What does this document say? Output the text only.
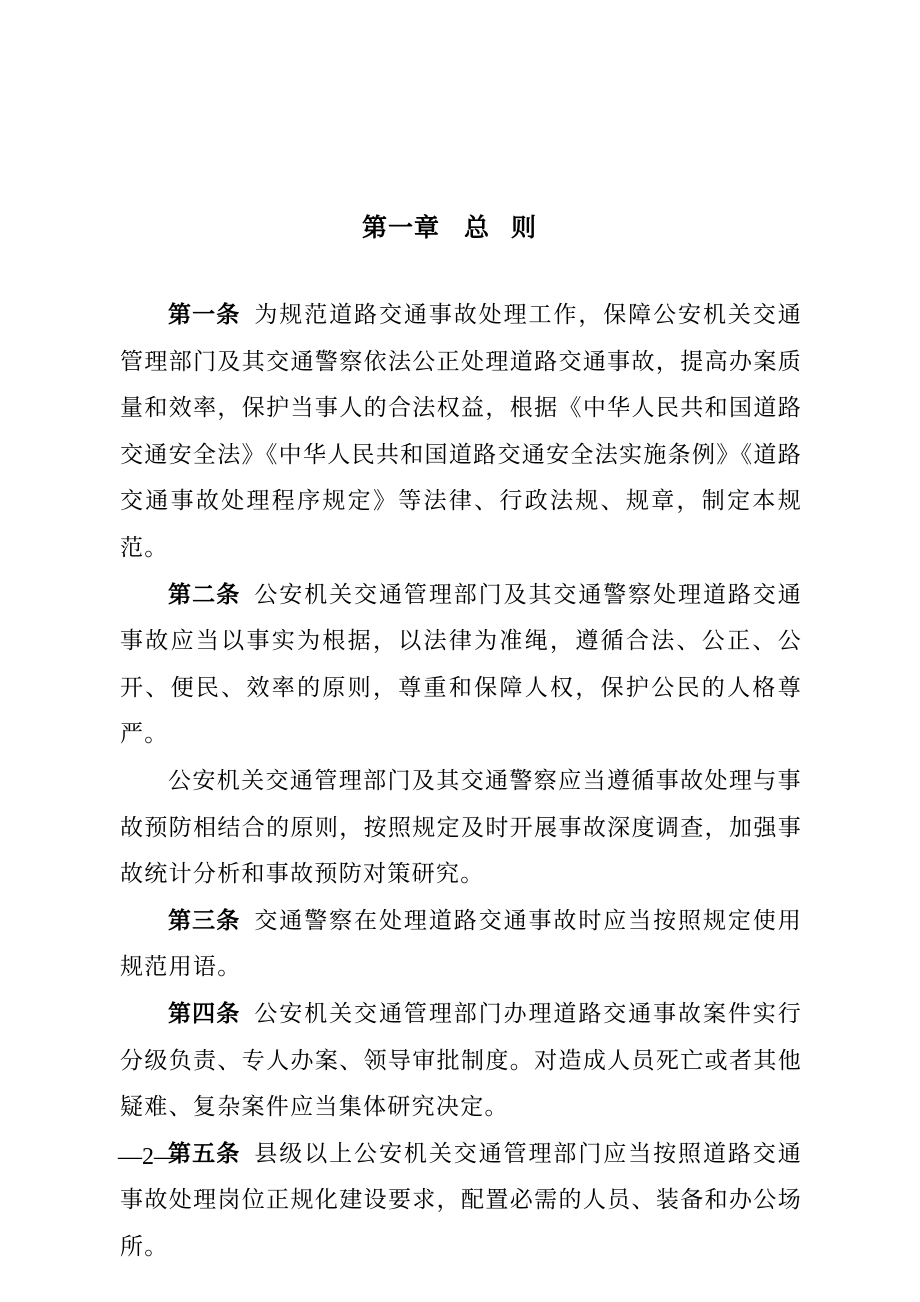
第一章 总则

第一条 为规范道路交通事故处理工作，保障公安机关交通管理部门及其交通警察依法公正处理道路交通事故，提高办案质量和效率，保护当事人的合法权益，根据《中华人民共和国道路交通安全法》《中华人民共和国道路交通安全法实施条例》《道路交通事故处理程序规定》等法律、行政法规、规章，制定本规范。

第二条 公安机关交通管理部门及其交通警察处理道路交通事故应当以事实为根据，以法律为准绳，遵循合法、公正、公开、便民、效率的原则，尊重和保障人权，保护公民的人格尊严。

公安机关交通管理部门及其交通警察应当遵循事故处理与事故预防相结合的原则，按照规定及时开展事故深度调查，加强事故统计分析和事故预防对策研究。

第三条 交通警察在处理道路交通事故时应当按照规定使用规范用语。

第四条 公安机关交通管理部门办理道路交通事故案件实行分级负责、专人办案、领导审批制度。对造成人员死亡或者其他疑难、复杂案件应当集体研究决定。

第五条 县级以上公安机关交通管理部门应当按照道路交通事故处理岗位正规化建设要求，配置必需的人员、装备和办公场所。

—2—
